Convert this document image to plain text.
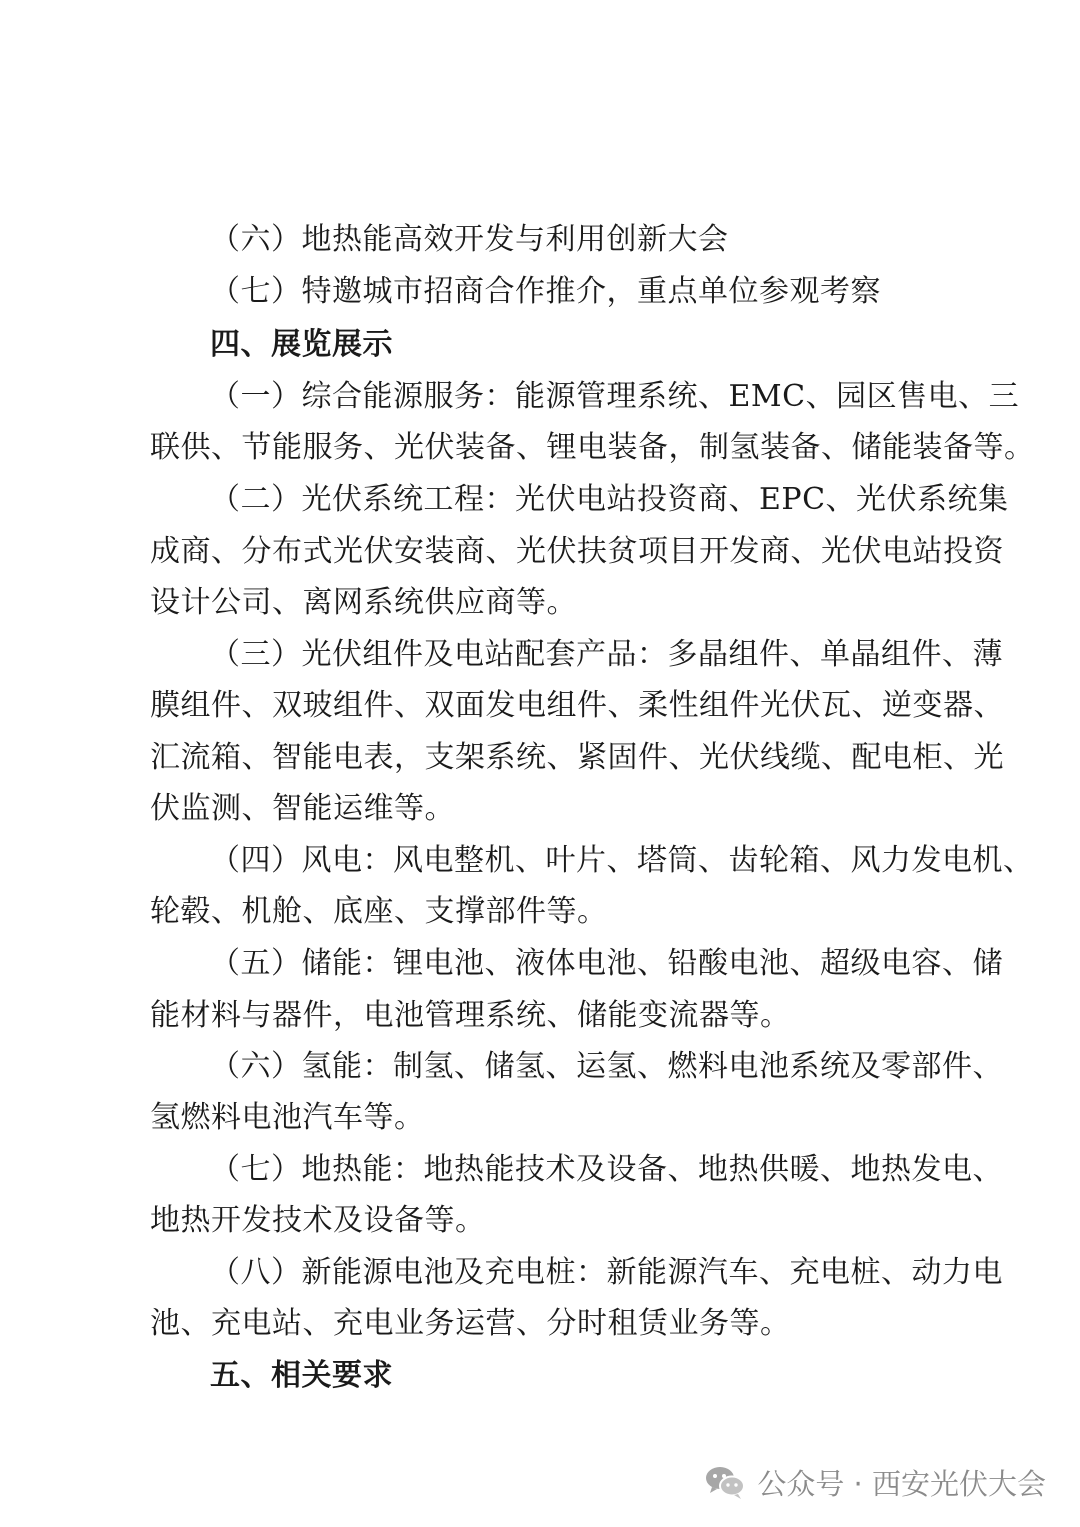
（六）地热能高效开发与利用创新大会
（七）特邀城市招商合作推介，重点单位参观考察
四、展览展示
（一）综合能源服务：能源管理系统、EMC、园区售电、三
联供、节能服务、光伏装备、锂电装备，制氢装备、储能装备等。
（二）光伏系统工程：光伏电站投资商、EPC、光伏系统集
成商、分布式光伏安装商、光伏扶贫项目开发商、光伏电站投资
设计公司、离网系统供应商等。
（三）光伏组件及电站配套产品：多晶组件、单晶组件、薄
膜组件、双玻组件、双面发电组件、柔性组件光伏瓦、逆变器、
汇流箱、智能电表，支架系统、紧固件、光伏线缆、配电柜、光
伏监测、智能运维等。
（四）风电：风电整机、叶片、塔筒、齿轮箱、风力发电机、
轮毂、机舱、底座、支撑部件等。
（五）储能：锂电池、液体电池、铅酸电池、超级电容、储
能材料与器件，电池管理系统、储能变流器等。
（六）氢能：制氢、储氢、运氢、燃料电池系统及零部件、
氢燃料电池汽车等。
（七）地热能：地热能技术及设备、地热供暖、地热发电、
地热开发技术及设备等。
（八）新能源电池及充电桩：新能源汽车、充电桩、动力电
池、充电站、充电业务运营、分时租赁业务等。
五、相关要求
公众号 · 西安光伏大会
